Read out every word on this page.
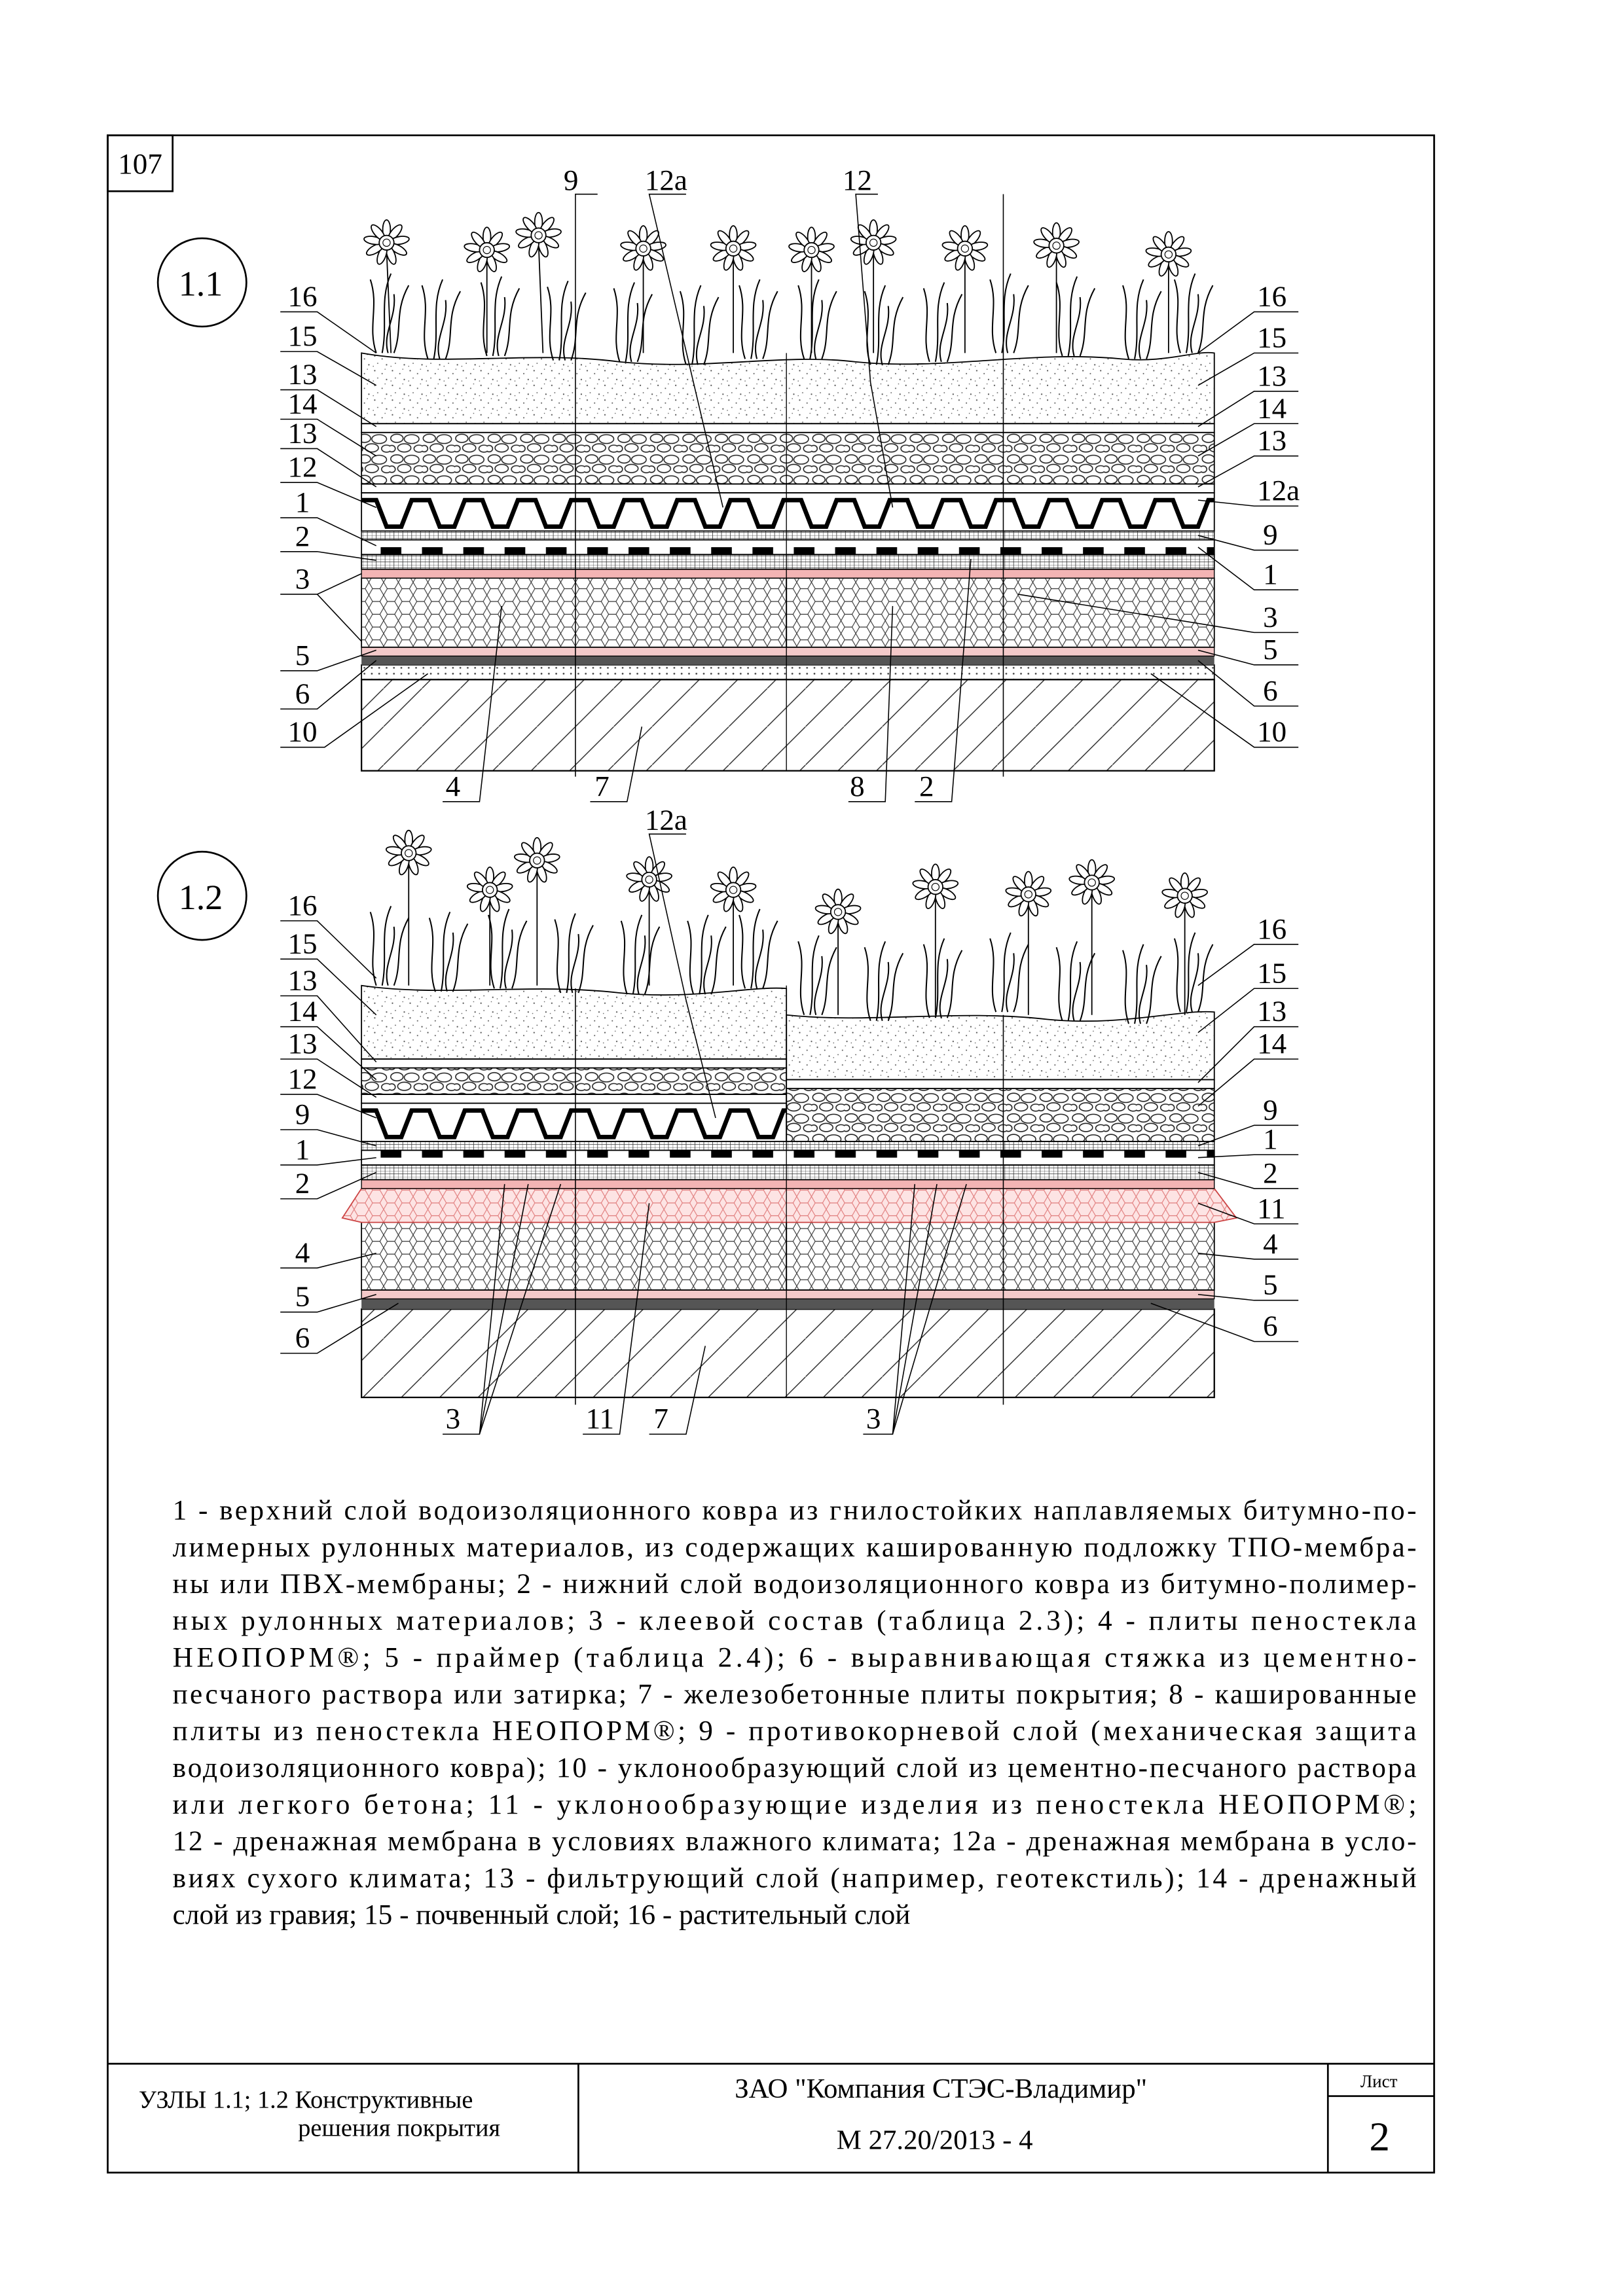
107
1.1	16
15
13
14
13
12
1
2
3
5
6
10
16
15
13
14
13
12a
9
1
3
5
6
10
9	12a	12
4	7	8	2
1.2	16
15
13
14
13
12
9
1
2
4
5
6
16
15
13
14
9
1
2
11
4
5
6
12a
3	11	7	3
1 - верхний слой водоизоляционного ковра из гнилостойких наплавляемых битумно-по-
лимерных рулонных материалов, из содержащих кашированную подложку ТПО-мембра-
ны или ПВХ-мембраны; 2 - нижний слой водоизоляционного ковра из битумно-полимер-
ных рулонных материалов; 3 - клеевой состав (таблица 2.3); 4 - плиты пеностекла
НЕОПОРМ®; 5 - праймер (таблица 2.4); 6 - выравнивающая стяжка из цементно-
песчаного раствора или затирка; 7 - железобетонные плиты покрытия; 8 - кашированные
плиты из пеностекла НЕОПОРМ®; 9 - противокорневой слой (механическая защита
водоизоляционного ковра); 10 - уклонообразующий слой из цементно-песчаного раствора
или легкого бетона; 11 - уклонообразующие изделия из пеностекла НЕОПОРМ®;
12 - дренажная мембрана в условиях влажного климата; 12а - дренажная мембрана в усло-
виях сухого климата; 13 - фильтрующий слой (например, геотекстиль); 14 - дренажный
слой из гравия; 15 - почвенный слой; 16 - растительный слой
УЗЛЫ 1.1; 1.2 Конструктивные
решения покрытия
ЗАО "Компания СТЭС-Владимир"
М 27.20/2013 - 4
Лист
2
